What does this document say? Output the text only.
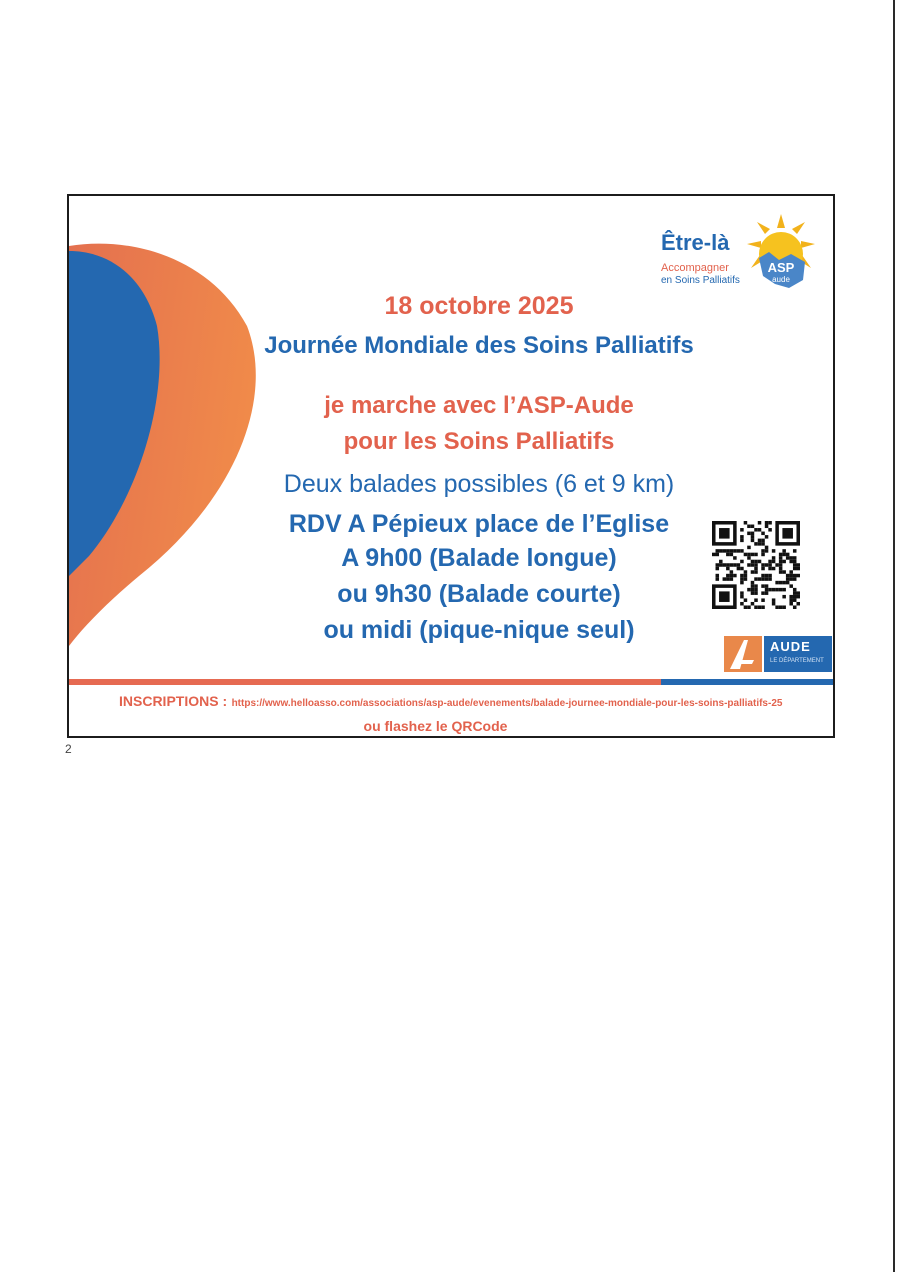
18 octobre 2025
Journée Mondiale des Soins Palliatifs
je marche avec l’ASP-Aude
pour les Soins Palliatifs
Deux balades possibles (6 et 9 km)
RDV A Pépieux place de l’Eglise
A 9h00 (Balade longue)
ou 9h30 (Balade courte)
ou midi (pique-nique seul)
Être-là
Accompagner
en Soins Palliatifs
ASP
aude
AUDE
LE DÉPARTEMENT
INSCRIPTIONS : https://www.helloasso.com/associations/asp-aude/evenements/balade-journee-mondiale-pour-les-soins-palliatifs-25
ou flashez le QRCode
2
